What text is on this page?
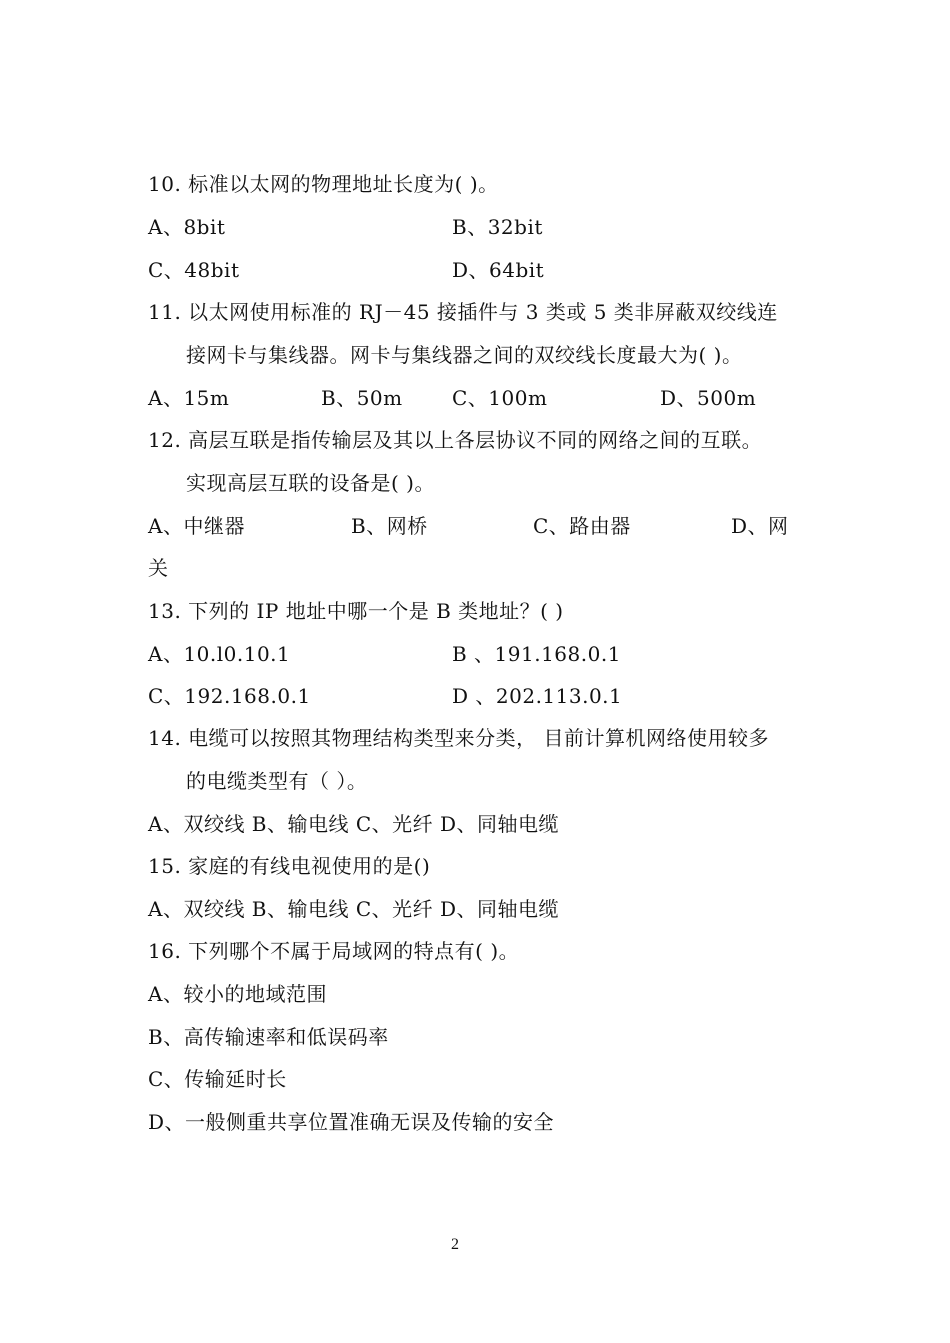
10. 标准以太网的物理地址长度为( )。
A、8bit	B、32bit
C、48bit	D、64bit
11. 以太网使用标准的 RJ－45 接插件与 3 类或 5 类非屏蔽双绞线连
接网卡与集线器。网卡与集线器之间的双绞线长度最大为( )。
A、15m	B、50m C、100m	D、500m
12. 高层互联是指传输层及其以上各层协议不同的网络之间的互联。
实现高层互联的设备是( )。
A、中继器	B、网桥	C、路由器	D、网
关
13. 下列的 IP 地址中哪一个是 B 类地址？( )
A、10.l0.10.1	B 、191.168.0.1
C、192.168.0.1	D 、202.113.0.1
14. 电缆可以按照其物理结构类型来分类， 目前计算机网络使用较多
的电缆类型有（ ）。
A、双绞线 B、输电线 C、光纤 D、同轴电缆
15. 家庭的有线电视使用的是()
A、双绞线 B、输电线 C、光纤 D、同轴电缆
16. 下列哪个不属于局域网的特点有( )。
A、较小的地域范围
B、高传输速率和低误码率
C、传输延时长
D、一般侧重共享位置准确无误及传输的安全
2
